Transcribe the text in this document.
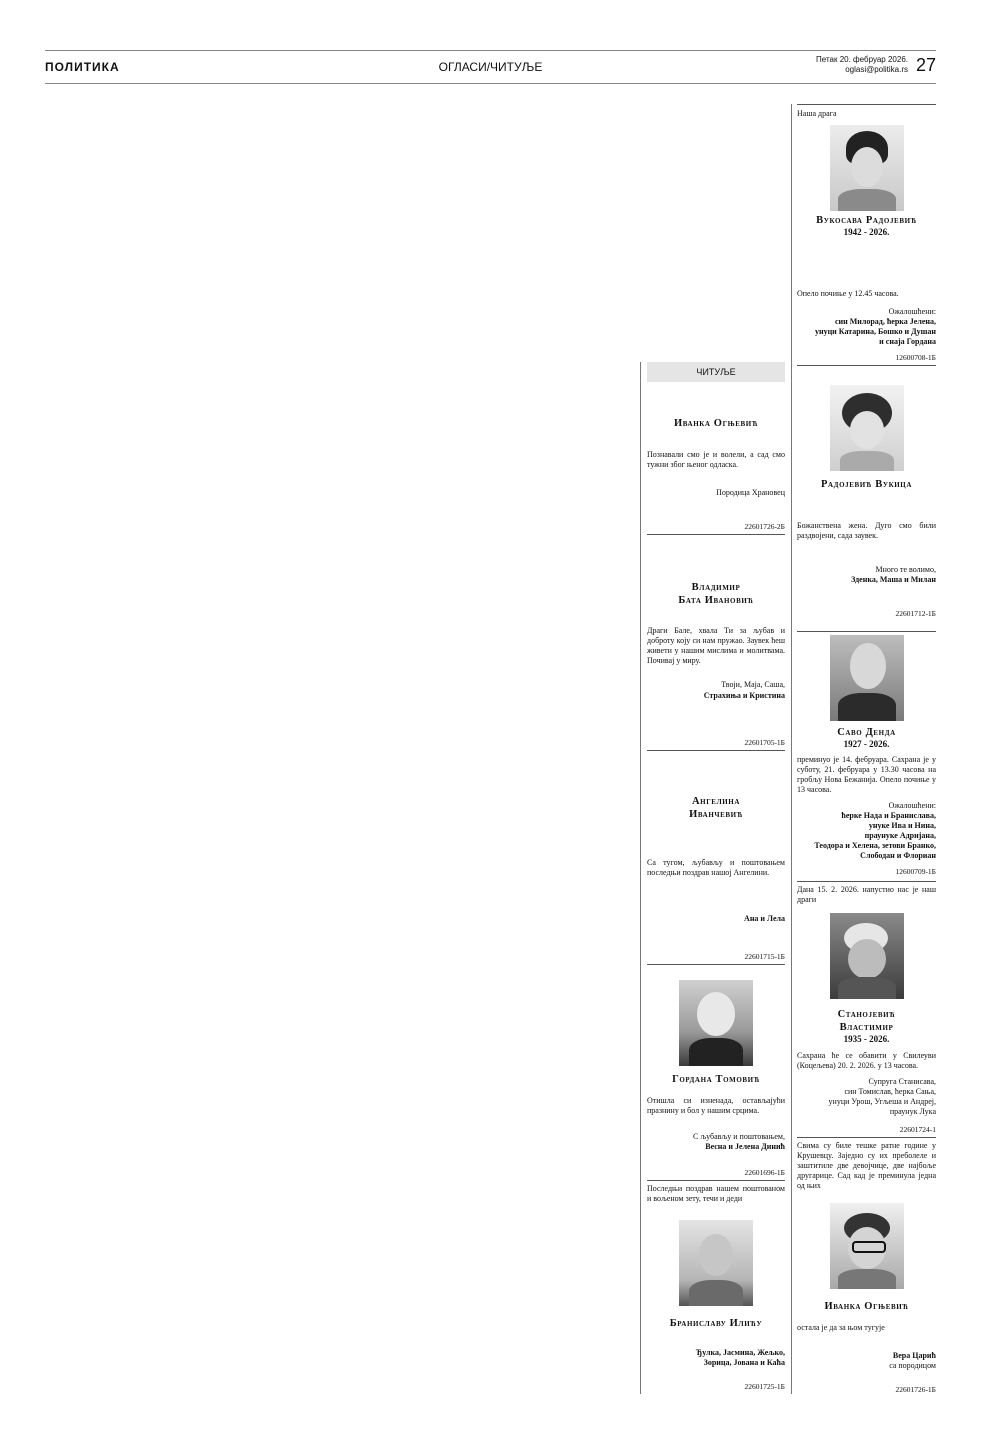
ПОЛИТИКА	ОГЛАСИ/ЧИТУЉЕ
Петак 20. фебруар 2026.
oglasi@politika.rs 27
ЧИТУЉЕ
Иванка Огњевић
Познавали смо је и волели, а сад смо тужни због њеног одласка.
Породица Храновец
22601726-2Б
Владимир
Бата Ивановић
Драги Бале, хвала Ти за љубав и доброту коју си нам пружао. Заувек ћеш живети у нашим мислима и молитвама. Почивај у миру.
Твоји, Маја, Саша,
Страхиња и Кристина
22601705-1Б
Ангелина
Иванчевић
Са тугом, љубављу и поштовањем последњи поздрав нашој Ангелини.
Ана и Лела
22601715-1Б
Гордана Томовић
Отишла си изненада, остављајући празнину и бол у нашим срцима.
С љубављу и поштовањем,
Весна и Јелена Динић
22601696-1Б
Последњи поздрав нашем поштованом и вољеном зету, течи и деди
Браниславу Илићу
Ђулка, Јасмина, Жељко,
Зорица, Јована и Каћа
22601725-1Б
Наша драга
Вукосава Радојевић
1942 - 2026.
Опело почиње у 12.45 часова.
Ожалошћени:
син Милорад, ћерка Јелена,
унуци Катарина, Бошко и Душан
и снаја Гордана
12600708-1Б
Радојевић Вукица
Божанствена жена. Дуго смо били раздвојени, сада заувек.
Много те волимо,
Зденка, Маша и Милан
22601712-1Б
Саво Денда
1927 - 2026.
преминуо је 14. фебруара. Сахрана је у суботу, 21. фебруара у 13.30 часова на гробљу Нова Бежанија. Опело почиње у 13 часова.
Ожалошћени:
ћерке Нада и Бранислава,
унуке Ива и Нина,
праунуке Адријана,
Теодора и Хелена, зетови Бранко,
Слободан и Флориан
12600709-1Б
Дана 15. 2. 2026. напустио нас је наш драги
Станојевић
Властимир
1935 - 2026.
Сахрана ће се обавити у Свилеуви (Коцељева) 20. 2. 2026. у 13 часова.
Супруга Станисава,
син Томислав, ћерка Сања,
унуци Урош, Угљеша и Андреј,
праунук Лука
22601724-1
Свима су биле тешке ратне године у Крушевцу. Заједно су их преболеле и заштитиле две девојчице, две најбоље другарице. Сад кад је преминула једна од њих
Иванка Огњевић
остала је да за њом тугује
Вера Царић
са породицом
22601726-1Б
